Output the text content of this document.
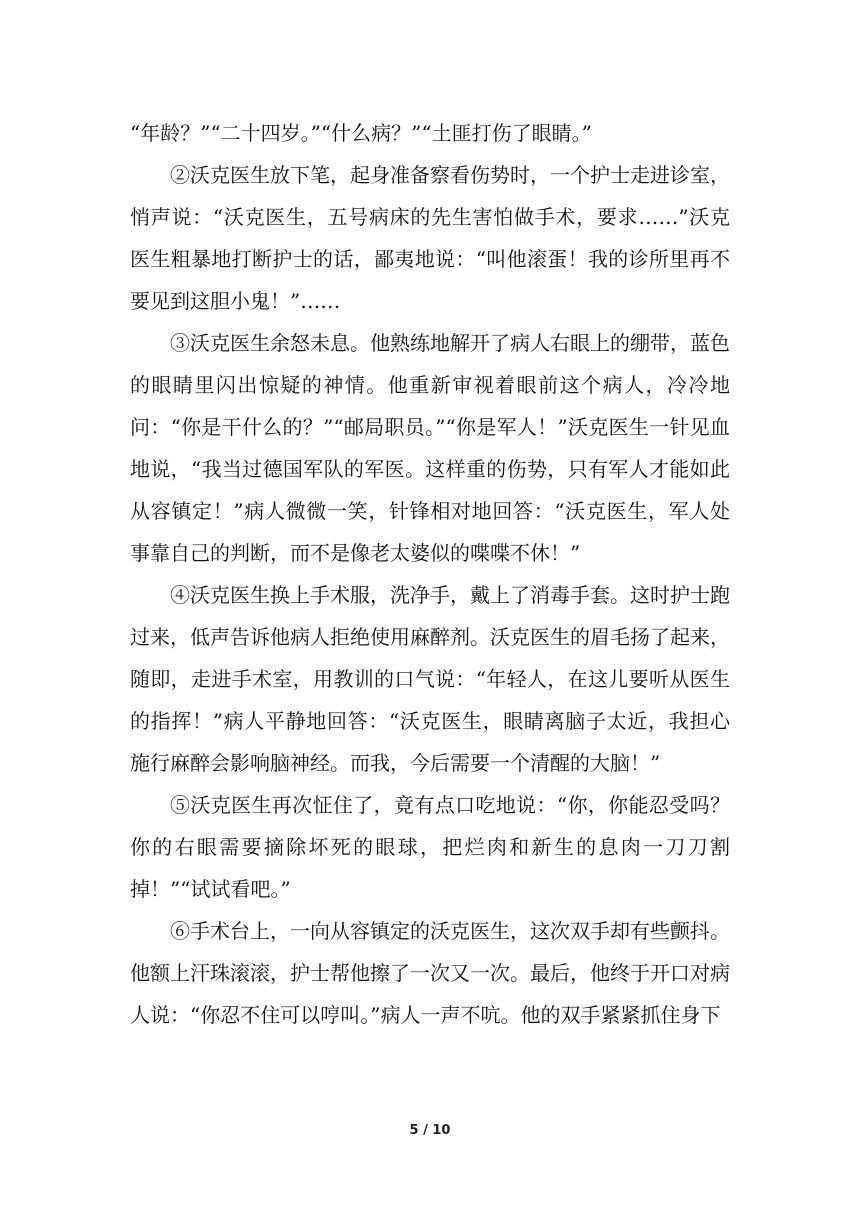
“年龄？”“二十四岁。”“什么病？”“土匪打伤了眼睛。”

②沃克医生放下笔，起身准备察看伤势时，一个护士走进诊室，悄声说：“沃克医生，五号病床的先生害怕做手术，要求……”沃克医生粗暴地打断护士的话，鄙夷地说：“叫他滚蛋！我的诊所里再不要见到这胆小鬼！”……

③沃克医生余怒未息。他熟练地解开了病人右眼上的绷带，蓝色的眼睛里闪出惊疑的神情。他重新审视着眼前这个病人，冷冷地问：“你是干什么的？”“邮局职员。”“你是军人！”沃克医生一针见血地说，“我当过德国军队的军医。这样重的伤势，只有军人才能如此从容镇定！”病人微微一笑，针锋相对地回答：“沃克医生，军人处事靠自己的判断，而不是像老太婆似的喋喋不休！”

④沃克医生换上手术服，洗净手，戴上了消毒手套。这时护士跑过来，低声告诉他病人拒绝使用麻醉剂。沃克医生的眉毛扬了起来，随即，走进手术室，用教训的口气说：“年轻人，在这儿要听从医生的指挥！”病人平静地回答：“沃克医生，眼睛离脑子太近，我担心施行麻醉会影响脑神经。而我，今后需要一个清醒的大脑！”

⑤沃克医生再次怔住了，竟有点口吃地说：“你，你能忍受吗？你的右眼需要摘除坏死的眼球，把烂肉和新生的息肉一刀刀割掉！”“试试看吧。”

⑥手术台上，一向从容镇定的沃克医生，这次双手却有些颤抖。他额上汗珠滚滚，护士帮他擦了一次又一次。最后，他终于开口对病人说：“你忍不住可以哼叫。”病人一声不吭。他的双手紧紧抓住身下

5 / 10
